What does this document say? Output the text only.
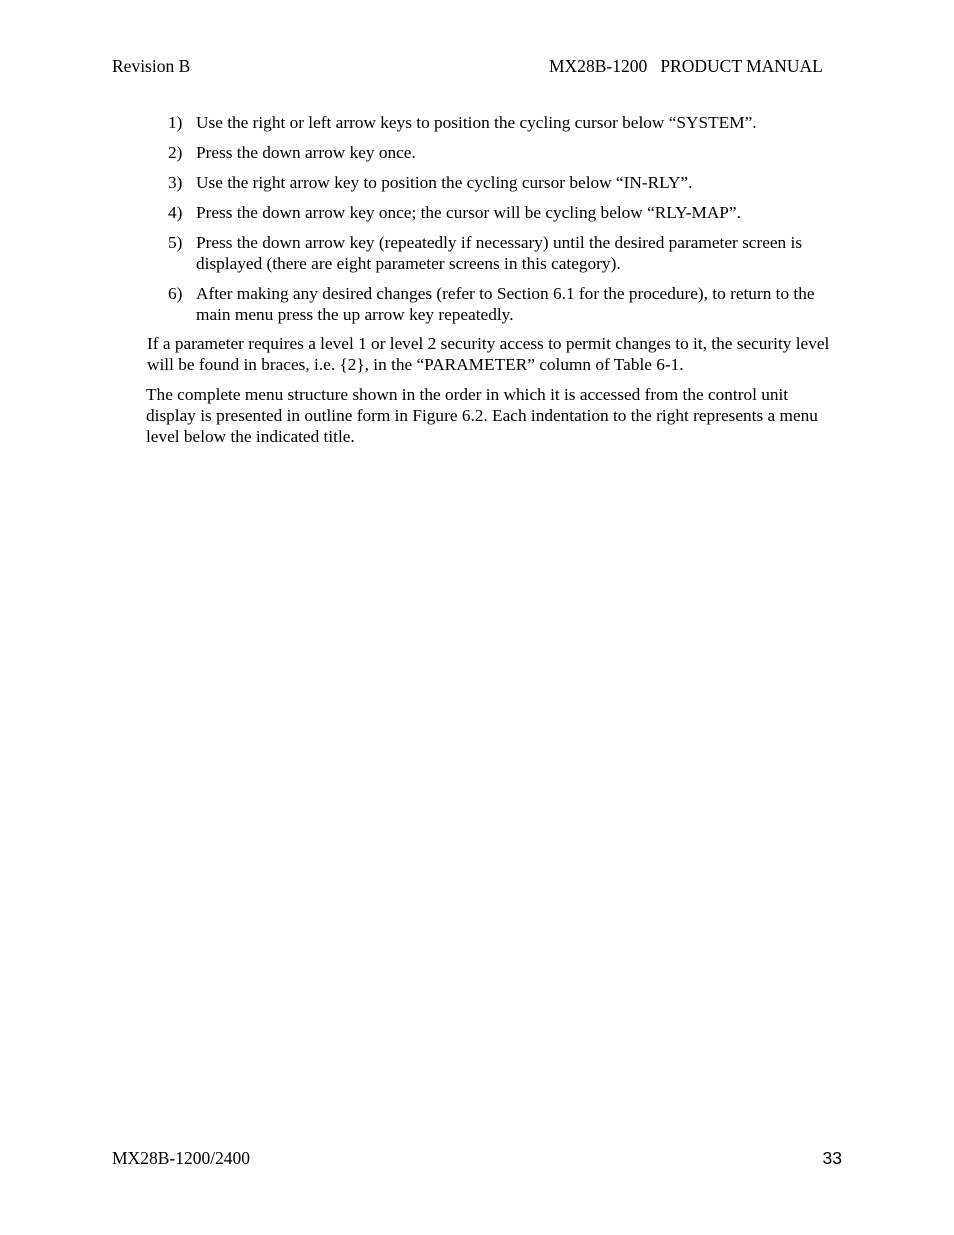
Revision B	MX28B-1200   PRODUCT MANUAL
1) Use the right or left arrow keys to position the cycling cursor below “SYSTEM”.
2) Press the down arrow key once.
3) Use the right arrow key to position the cycling cursor below “IN-RLY”.
4) Press the down arrow key once; the cursor will be cycling below “RLY-MAP”.
5) Press the down arrow key (repeatedly if necessary) until the desired parameter screen is displayed (there are eight parameter screens in this category).
6) After making any desired changes (refer to Section 6.1 for the procedure), to return to the main menu press the up arrow key repeatedly.

If a parameter requires a level 1 or level 2 security access to permit changes to it, the security level will be found in braces, i.e. {2}, in the “PARAMETER” column of Table 6-1.

The complete menu structure shown in the order in which it is accessed from the control unit display is presented in outline form in Figure 6.2. Each indentation to the right represents a menu level below the indicated title.

MX28B-1200/2400	33
